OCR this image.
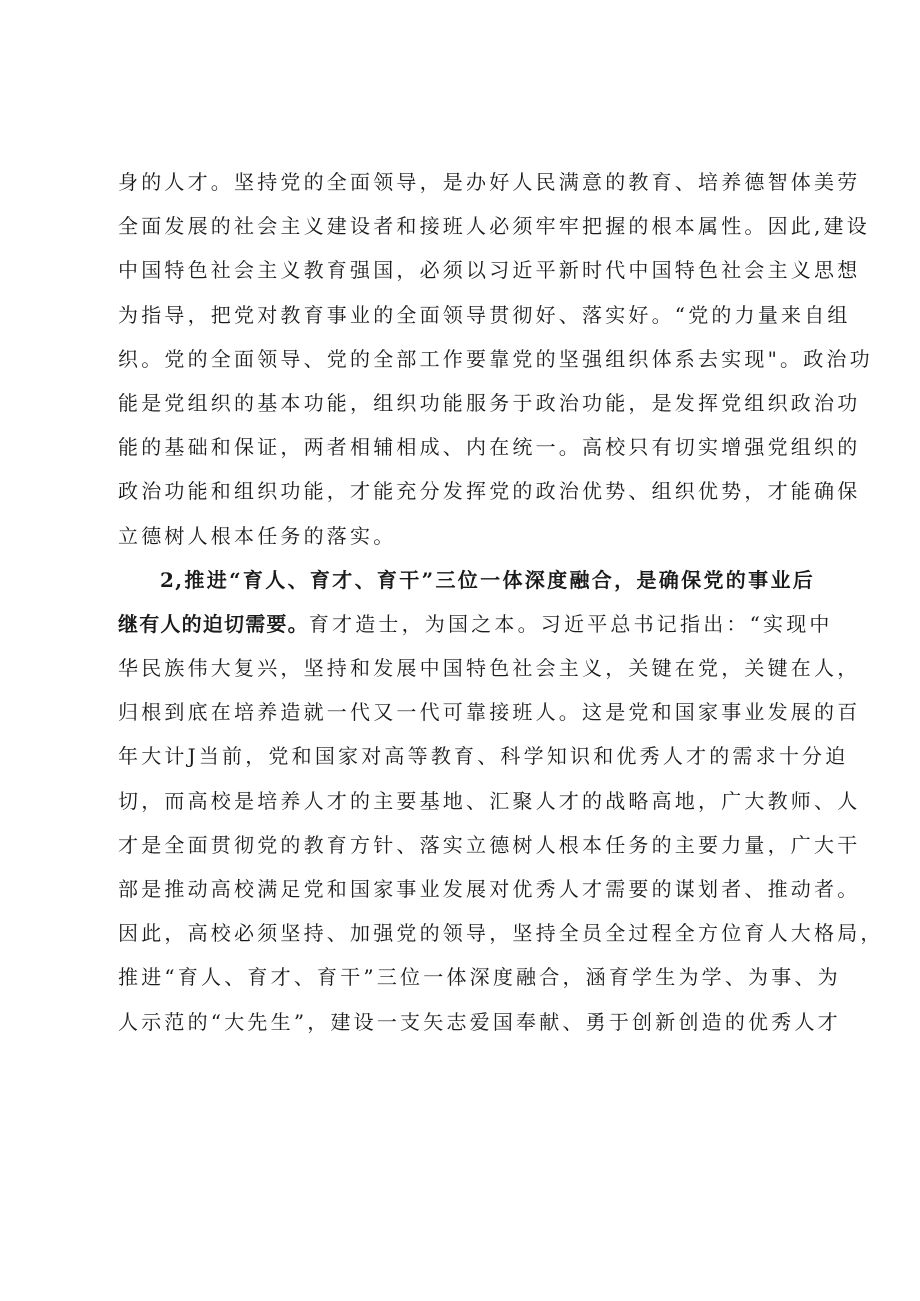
身的人才。坚持党的全面领导，是办好人民满意的教育、培养德智体美劳
全面发展的社会主义建设者和接班人必须牢牢把握的根本属性。因此,建设
中国特色社会主义教育强国，必须以习近平新时代中国特色社会主义思想
为指导，把党对教育事业的全面领导贯彻好、落实好。“党的力量来自组
织。党的全面领导、党的全部工作要靠党的坚强组织体系去实现"。政治功
能是党组织的基本功能，组织功能服务于政治功能，是发挥党组织政治功
能的基础和保证，两者相辅相成、内在统一。高校只有切实增强党组织的
政治功能和组织功能，才能充分发挥党的政治优势、组织优势，才能确保
立德树人根本任务的落实。
2,推进“育人、育才、育干”三位一体深度融合，是确保党的事业后
继有人的迫切需要。育才造士，为国之本。习近平总书记指出：“实现中
华民族伟大复兴，坚持和发展中国特色社会主义，关键在党，关键在人，
归根到底在培养造就一代又一代可靠接班人。这是党和国家事业发展的百
年大计J当前，党和国家对高等教育、科学知识和优秀人才的需求十分迫
切，而高校是培养人才的主要基地、汇聚人才的战略高地，广大教师、人
才是全面贯彻党的教育方针、落实立德树人根本任务的主要力量，广大干
部是推动高校满足党和国家事业发展对优秀人才需要的谋划者、推动者。
因此，高校必须坚持、加强党的领导，坚持全员全过程全方位育人大格局，
推进“育人、育才、育干”三位一体深度融合，涵育学生为学、为事、为
人示范的“大先生”，建设一支矢志爱国奉献、勇于创新创造的优秀人才
